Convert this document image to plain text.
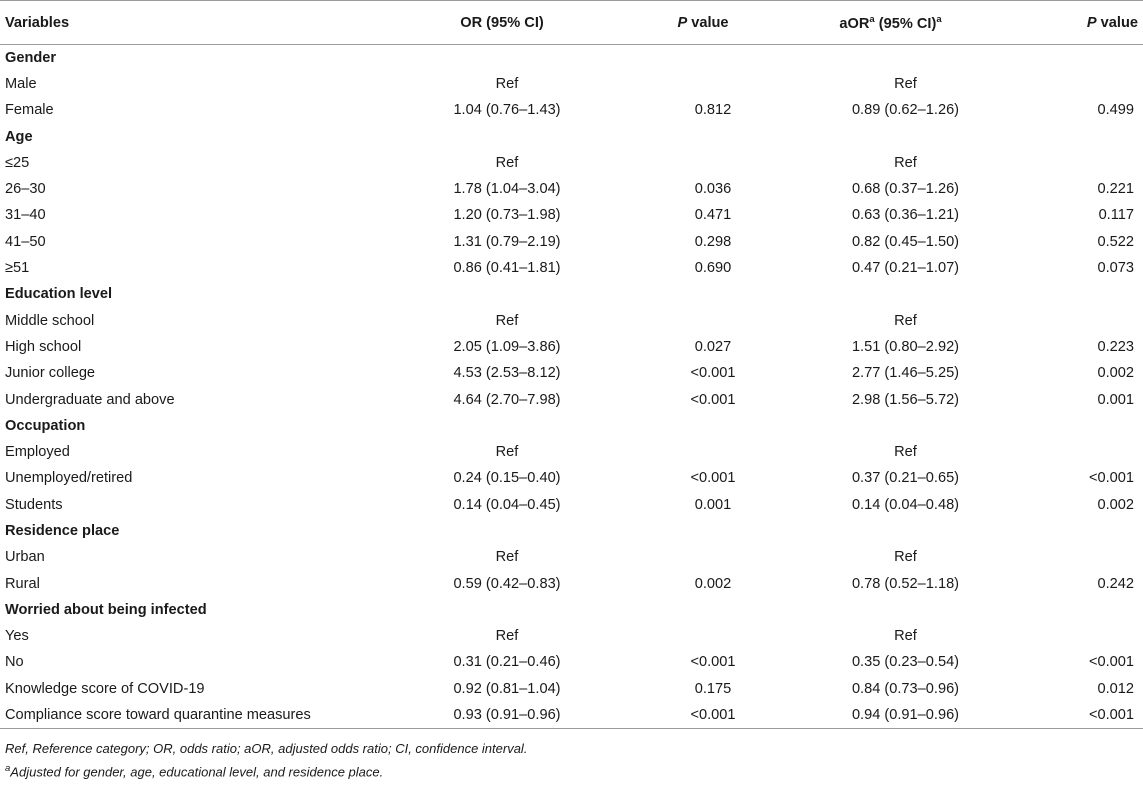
Variables	OR (95% CI)	P value	aOR$^a$ (95% CI)$^a$	P value
Gender				
Male	Ref		Ref	
Female	1.04 (0.76–1.43)	0.812	0.89 (0.62–1.26)	0.499
Age				
≤25	Ref		Ref	
26–30	1.78 (1.04–3.04)	0.036	0.68 (0.37–1.26)	0.221
31–40	1.20 (0.73–1.98)	0.471	0.63 (0.36–1.21)	0.117
41–50	1.31 (0.79–2.19)	0.298	0.82 (0.45–1.50)	0.522
≥51	0.86 (0.41–1.81)	0.690	0.47 (0.21–1.07)	0.073
Education level				
Middle school	Ref		Ref	
High school	2.05 (1.09–3.86)	0.027	1.51 (0.80–2.92)	0.223
Junior college	4.53 (2.53–8.12)	<0.001	2.77 (1.46–5.25)	0.002
Undergraduate and above	4.64 (2.70–7.98)	<0.001	2.98 (1.56–5.72)	0.001
Occupation				
Employed	Ref		Ref	
Unemployed/retired	0.24 (0.15–0.40)	<0.001	0.37 (0.21–0.65)	<0.001
Students	0.14 (0.04–0.45)	0.001	0.14 (0.04–0.48)	0.002
Residence place				
Urban	Ref		Ref	
Rural	0.59 (0.42–0.83)	0.002	0.78 (0.52–1.18)	0.242
Worried about being infected				
Yes	Ref		Ref	
No	0.31 (0.21–0.46)	<0.001	0.35 (0.23–0.54)	<0.001
Knowledge score of COVID-19	0.92 (0.81–1.04)	0.175	0.84 (0.73–0.96)	0.012
Compliance score toward quarantine measures	0.93 (0.91–0.96)	<0.001	0.94 (0.91–0.96)	<0.001
Ref, Reference category; OR, odds ratio; aOR, adjusted odds ratio; CI, confidence interval.
$^a$Adjusted for gender, age, educational level, and residence place.
